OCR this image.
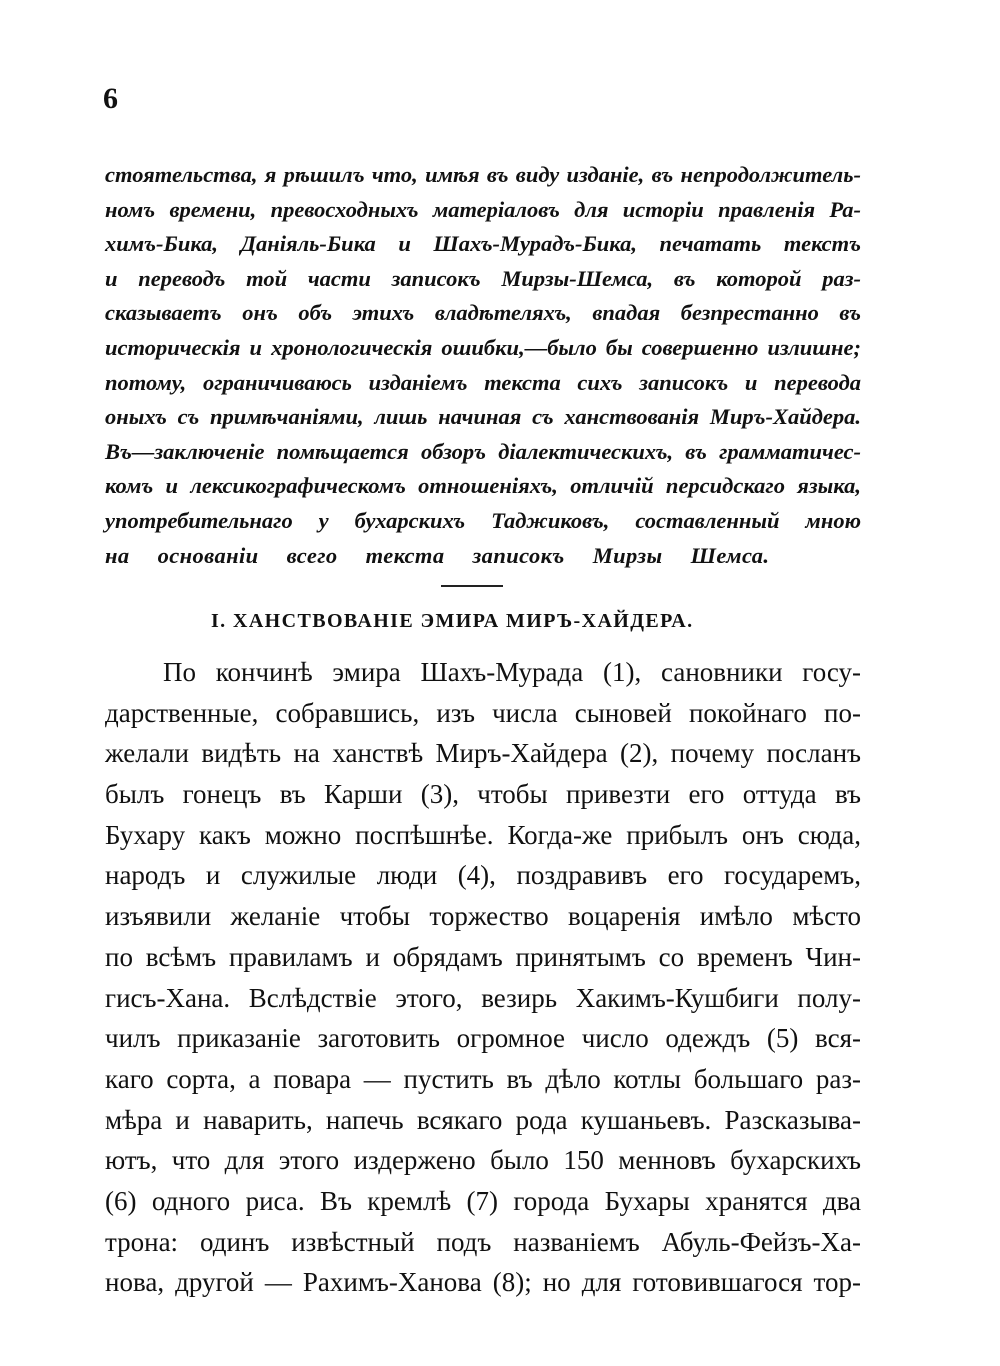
6
стоятельства, я рѣшилъ что, имѣя въ виду изданіе, въ непродолжитель-
номъ времени, превосходныхъ матеріаловъ для исторіи правленія Ра-
химъ-Бика, Даніяль-Бика и Шахъ-Мурадъ-Бика, печатать текстъ
и переводъ той части записокъ Мирзы-Шемса, въ которой раз-
сказываетъ онъ объ этихъ владѣтеляхъ, впадая безпрестанно въ
историческія и хронологическія ошибки,—было бы совершенно излишне;
потому, ограничиваюсь изданіемъ текста сихъ записокъ и перевода
оныхъ съ примѣчаніями, лишь начиная съ ханствованія Миръ-Хайдера.
Въ—заключеніе помѣщается обзоръ діалектическихъ, въ грамматичес-
комъ и лексикографическомъ отношеніяхъ, отличій персидскаго языка,
употребительнаго у бухарскихъ Таджиковъ, составленный мною
на основаніи всего текста записокъ Мирзы Шемса.
I. ХАНСТВОВАНІЕ ЭМИРА МИРЪ-ХАЙДЕРА.
По кончинѣ эмира Шахъ-Мурада (1), сановники госу-
дарственные, собравшись, изъ числа сыновей покойнаго по-
желали видѣть на ханствѣ Миръ-Хайдера (2), почему посланъ
былъ гонецъ въ Карши (3), чтобы привезти его оттуда въ
Бухару какъ можно поспѣшнѣе. Когда-же прибылъ онъ сюда,
народъ и служилые люди (4), поздравивъ его государемъ,
изъявили желаніе чтобы торжество воцаренія имѣло мѣсто
по всѣмъ правиламъ и обрядамъ принятымъ со временъ Чин-
гисъ-Хана. Вслѣдствіе этого, везирь Хакимъ-Кушбиги полу-
чилъ приказаніе заготовить огромное число одеждъ (5) вся-
каго сорта, а повара — пустить въ дѣло котлы большаго раз-
мѣра и наварить, напечь всякаго рода кушаньевъ. Разсказыва-
ютъ, что для этого издержено было 150 менновъ бухарскихъ
(6) одного риса. Въ кремлѣ (7) города Бухары хранятся два
трона: одинъ извѣстный подъ названіемъ Абуль-Фейзъ-Ха-
нова, другой — Рахимъ-Ханова (8); но для готовившагося тор-
